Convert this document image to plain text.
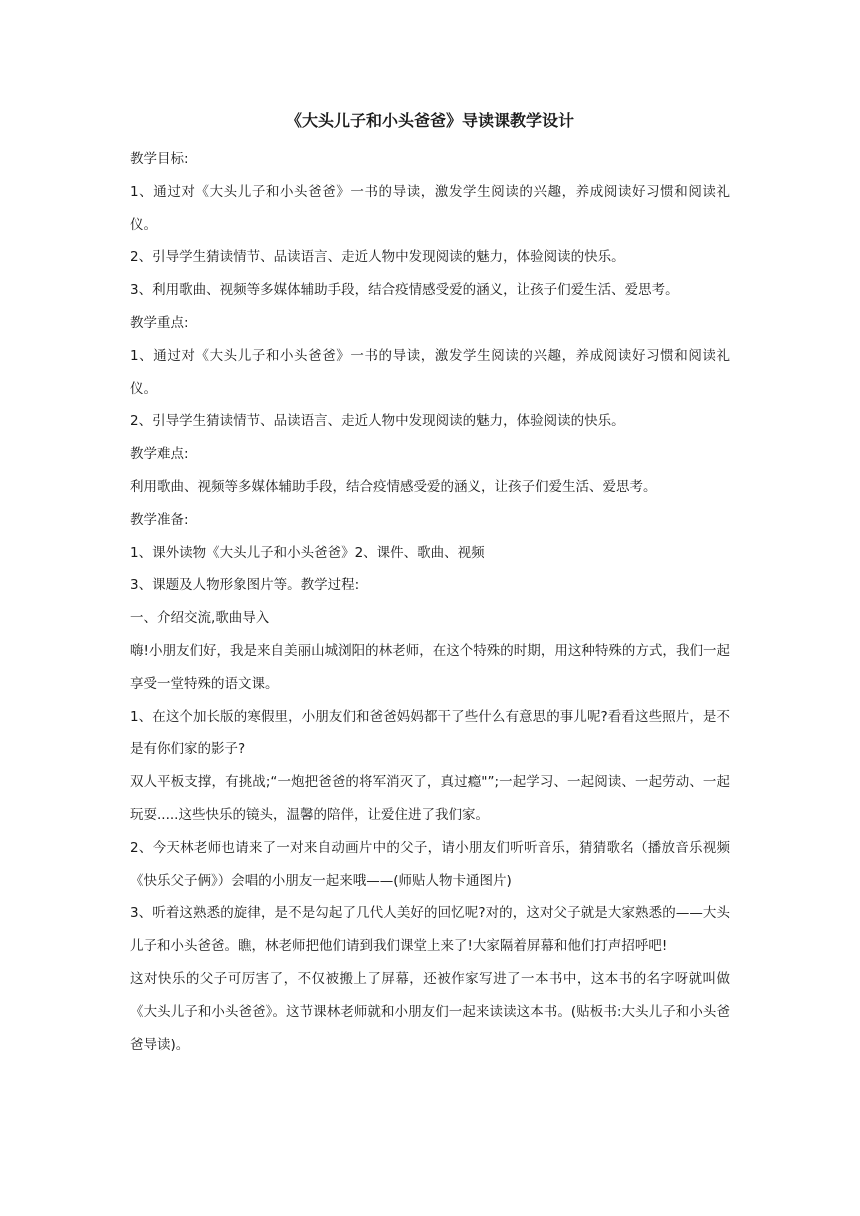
《大头儿子和小头爸爸》导读课教学设计

教学目标:

1、通过对《大头儿子和小头爸爸》一书的导读，激发学生阅读的兴趣，养成阅读好习惯和阅读礼仪。

2、引导学生猜读情节、品读语言、走近人物中发现阅读的魅力，体验阅读的快乐。

3、利用歌曲、视频等多媒体辅助手段，结合疫情感受爱的涵义，让孩子们爱生活、爱思考。

教学重点:

1、通过对《大头儿子和小头爸爸》一书的导读，激发学生阅读的兴趣，养成阅读好习惯和阅读礼仪。

2、引导学生猜读情节、品读语言、走近人物中发现阅读的魅力，体验阅读的快乐。

教学难点:

利用歌曲、视频等多媒体辅助手段，结合疫情感受爱的涵义，让孩子们爱生活、爱思考。

教学准备:

1、课外读物《大头儿子和小头爸爸》2、课件、歌曲、视频

3、课题及人物形象图片等。教学过程:

一、介绍交流,歌曲导入

嗨!小朋友们好，我是来自美丽山城浏阳的林老师，在这个特殊的时期，用这种特殊的方式，我们一起享受一堂特殊的语文课。

1、在这个加长版的寒假里，小朋友们和爸爸妈妈都干了些什么有意思的事儿呢?看看这些照片，是不是有你们家的影子?

双人平板支撑，有挑战;“一炮把爸爸的将军消灭了，真过瘾"”;一起学习、一起阅读、一起劳动、一起玩耍.....这些快乐的镜头，温馨的陪伴，让爱住进了我们家。

2、今天林老师也请来了一对来自动画片中的父子，请小朋友们听听音乐，猜猜歌名（播放音乐视频《快乐父子俩》）会唱的小朋友一起来哦——(师贴人物卡通图片)

3、听着这熟悉的旋律，是不是勾起了几代人美好的回忆呢?对的，这对父子就是大家熟悉的——大头儿子和小头爸爸。瞧，林老师把他们请到我们课堂上来了!大家隔着屏幕和他们打声招呼吧!

这对快乐的父子可厉害了，不仅被搬上了屏幕，还被作家写进了一本书中，这本书的名字呀就叫做《大头儿子和小头爸爸》。这节课林老师就和小朋友们一起来读读这本书。(贴板书:大头儿子和小头爸爸导读)。
